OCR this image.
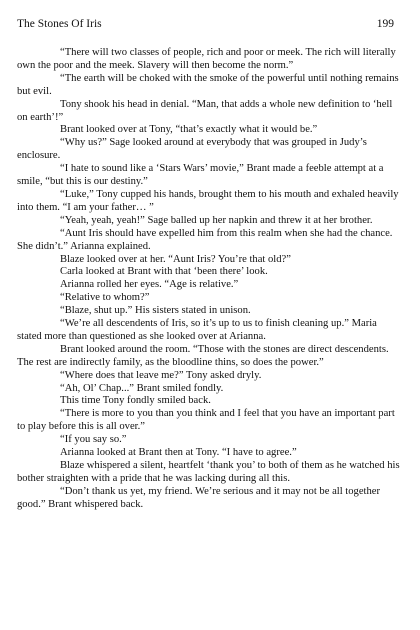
The Stones Of Iris	199

“There will two classes of people, rich and poor or meek. The rich will literally own the poor and the meek. Slavery will then become the norm.”

“The earth will be choked with the smoke of the powerful until nothing remains but evil.

Tony shook his head in denial. “Man, that adds a whole new definition to ‘hell on earth’!”

Brant looked over at Tony, “that’s exactly what it would be.”

“Why us?” Sage looked around at everybody that was grouped in Judy’s enclosure.

“I hate to sound like a ‘Stars Wars’ movie,” Brant made a feeble attempt at a smile, “but this is our destiny.”

“Luke,” Tony cupped his hands, brought them to his mouth and exhaled heavily into them. “I am your father… ”

“Yeah, yeah, yeah!” Sage balled up her napkin and threw it at her brother.

“Aunt Iris should have expelled him from this realm when she had the chance. She didn’t.” Arianna explained.

Blaze looked over at her. “Aunt Iris? You’re that old?”

Carla looked at Brant with that ‘been there’ look.

Arianna rolled her eyes. “Age is relative.”

“Relative to whom?”

“Blaze, shut up.” His sisters stated in unison.

“We’re all descendents of Iris, so it’s up to us to finish cleaning up.” Maria stated more than questioned as she looked over at Arianna.

Brant looked around the room. “Those with the stones are direct descendents. The rest are indirectly family, as the bloodline thins, so does the power.”

“Where does that leave me?” Tony asked dryly.

“Ah, Ol’ Chap...” Brant smiled fondly.

This time Tony fondly smiled back.

“There is more to you than you think and I feel that you have an important part to play before this is all over.”

“If you say so.”

Arianna looked at Brant then at Tony. “I have to agree.”

Blaze whispered a silent, heartfelt ‘thank you’ to both of them as he watched his bother straighten with a pride that he was lacking during all this.

“Don’t thank us yet, my friend. We’re serious and it may not be all together good.” Brant whispered back.
